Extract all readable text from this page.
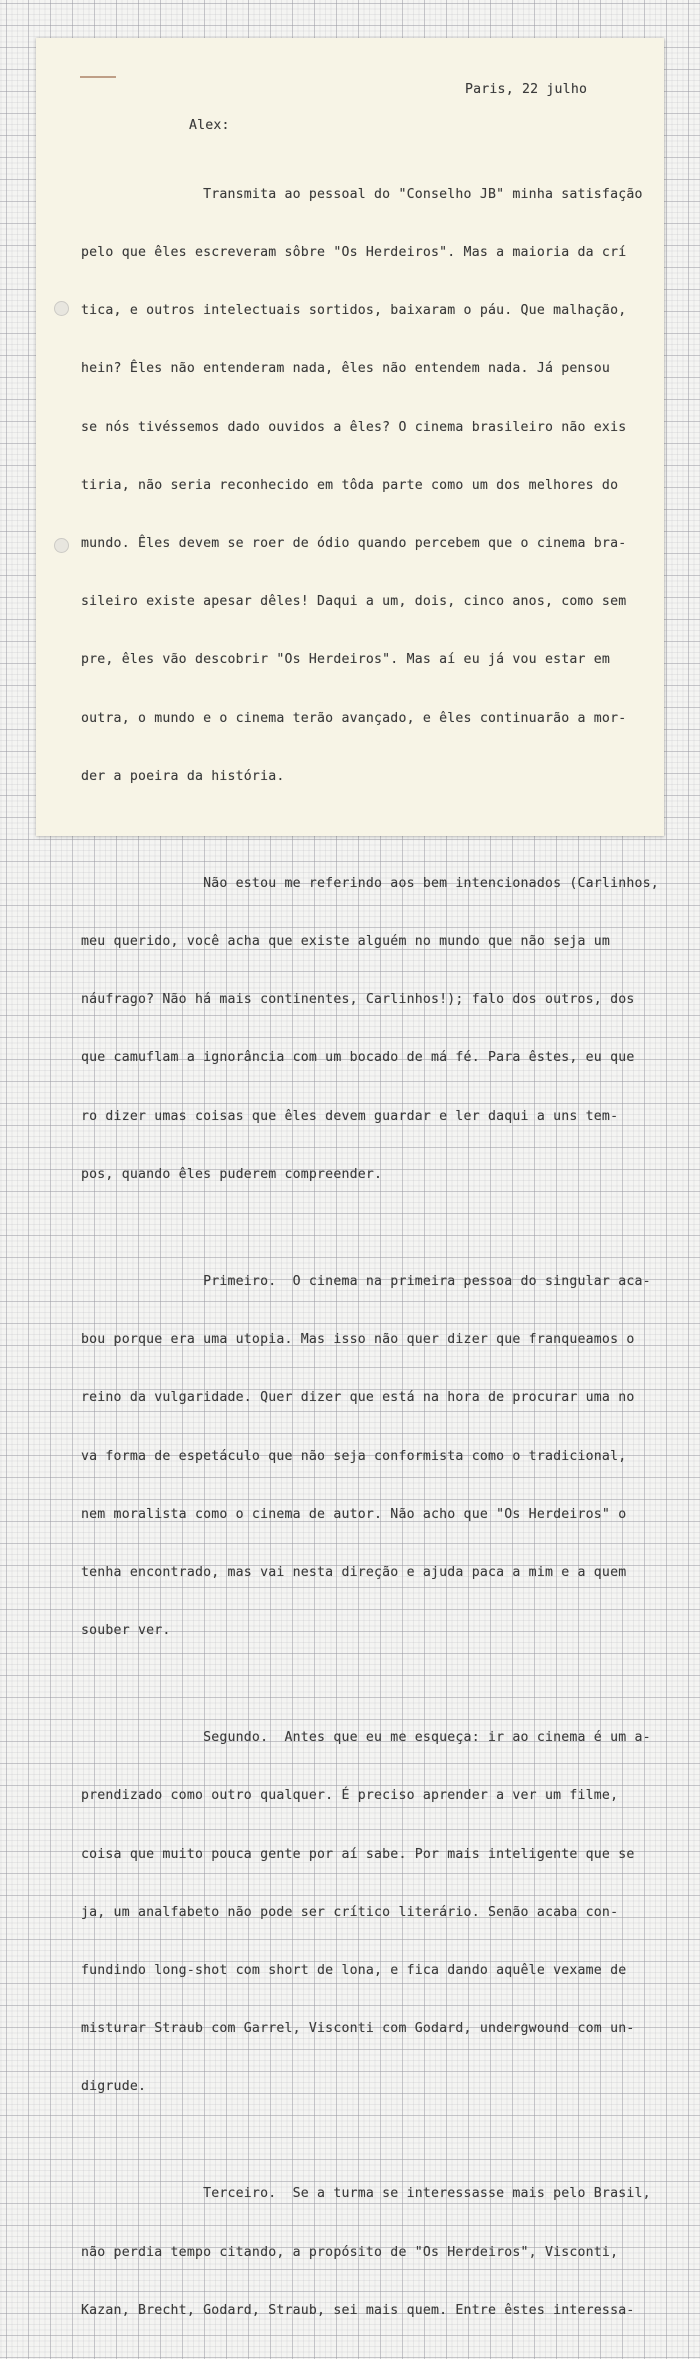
Paris, 22 julho
Alex:

Transmita ao pessoal do "Conselho JB" minha satisfação

pelo que êles escreveram sôbre "Os Herdeiros". Mas a maioria da crí

tica, e outros intelectuais sortidos, baixaram o páu. Que malhação,

hein? Êles não entenderam nada, êles não entendem nada. Já pensou

se nós tivéssemos dado ouvidos a êles? O cinema brasileiro não exis

tiria, não seria reconhecido em tôda parte como um dos melhores do

mundo. Êles devem se roer de ódio quando percebem que o cinema bra-

sileiro existe apesar dêles! Daqui a um, dois, cinco anos, como sem

pre, êles vão descobrir "Os Herdeiros". Mas aí eu já vou estar em

outra, o mundo e o cinema terão avançado, e êles continuarão a mor-

der a poeira da história.

Não estou me referindo aos bem intencionados (Carlinhos,

meu querido, você acha que existe alguém no mundo que não seja um

náufrago? Não há mais continentes, Carlinhos!); falo dos outros, dos

que camuflam a ignorância com um bocado de má fé. Para êstes, eu que

ro dizer umas coisas que êles devem guardar e ler daqui a uns tem-

pos, quando êles puderem compreender.

Primeiro.  O cinema na primeira pessoa do singular aca-

bou porque era uma utopia. Mas isso não quer dizer que franqueamos o

reino da vulgaridade. Quer dizer que está na hora de procurar uma no

va forma de espetáculo que não seja conformista como o tradicional,

nem moralista como o cinema de autor. Não acho que "Os Herdeiros" o

tenha encontrado, mas vai nesta direção e ajuda paca a mim e a quem

souber ver.

Segundo.  Antes que eu me esqueça: ir ao cinema é um a-

prendizado como outro qualquer. É preciso aprender a ver um filme,

coisa que muito pouca gente por aí sabe. Por mais inteligente que se

ja, um analfabeto não pode ser crítico literário. Senão acaba con-

fundindo long-shot com short de lona, e fica dando aquêle vexame de

misturar Straub com Garrel, Visconti com Godard, undergwound com un-

digrude.

Terceiro.  Se a turma se interessasse mais pelo Brasil,

não perdia tempo citando, a propósito de "Os Herdeiros", Visconti,

Kazan, Brecht, Godard, Straub, sei mais quem. Entre êstes interessa-
